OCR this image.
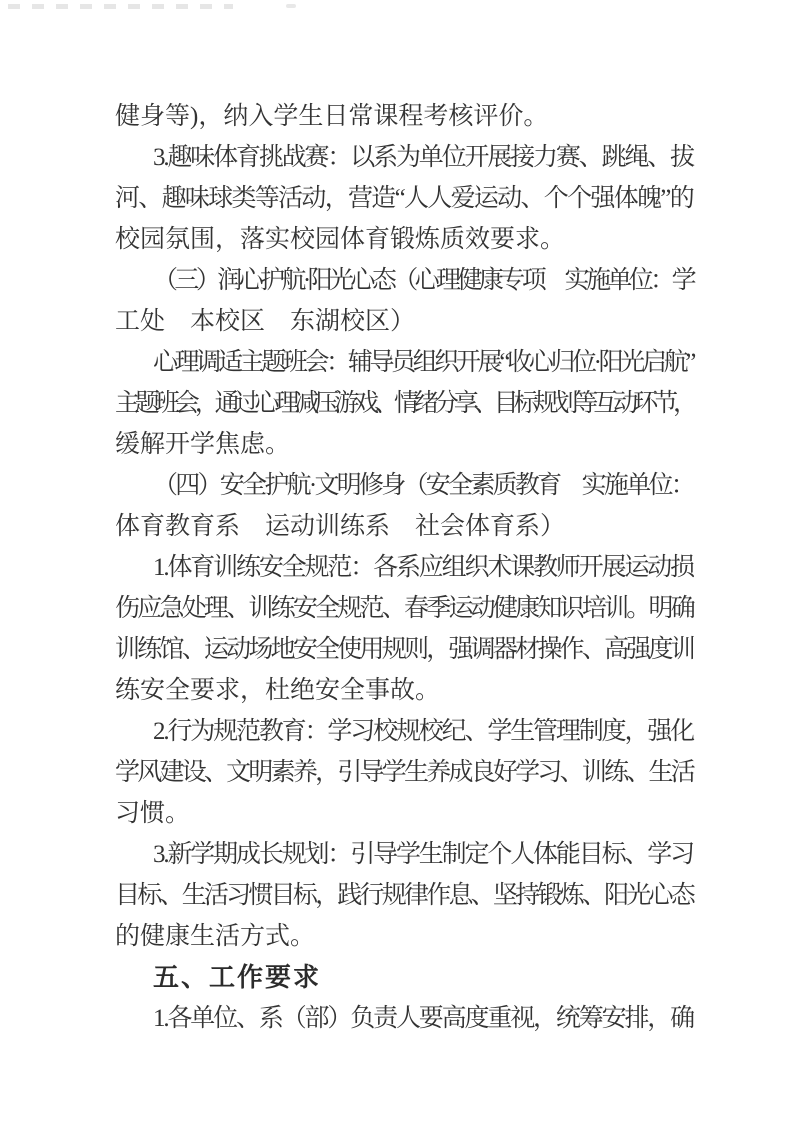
健身等)，纳入学生日常课程考核评价。
3.趣味体育挑战赛：以系为单位开展接力赛、跳绳、拔
河、趣味球类等活动，营造“人人爱运动、个个强体魄”的
校园氛围，落实校园体育锻炼质效要求。
（三）润心护航·阳光心态（心理健康专项　实施单位：学
工处　本校区　东湖校区）
心理调适主题班会：辅导员组织开展“收心归位·阳光启航”
主题班会，通过心理减压游戏、情绪分享、目标规划等互动环节，
缓解开学焦虑。
（四）安全护航·文明修身（安全素质教育　实施单位：
体育教育系　运动训练系　社会体育系）
1.体育训练安全规范：各系应组织术课教师开展运动损
伤应急处理、训练安全规范、春季运动健康知识培训。明确
训练馆、运动场地安全使用规则，强调器材操作、高强度训
练安全要求，杜绝安全事故。
2.行为规范教育：学习校规校纪、学生管理制度，强化
学风建设、文明素养，引导学生养成良好学习、训练、生活
习惯。
3.新学期成长规划：引导学生制定个人体能目标、学习
目标、生活习惯目标，践行规律作息、坚持锻炼、阳光心态
的健康生活方式。
五、工作要求
1.各单位、系（部）负责人要高度重视，统筹安排，确
